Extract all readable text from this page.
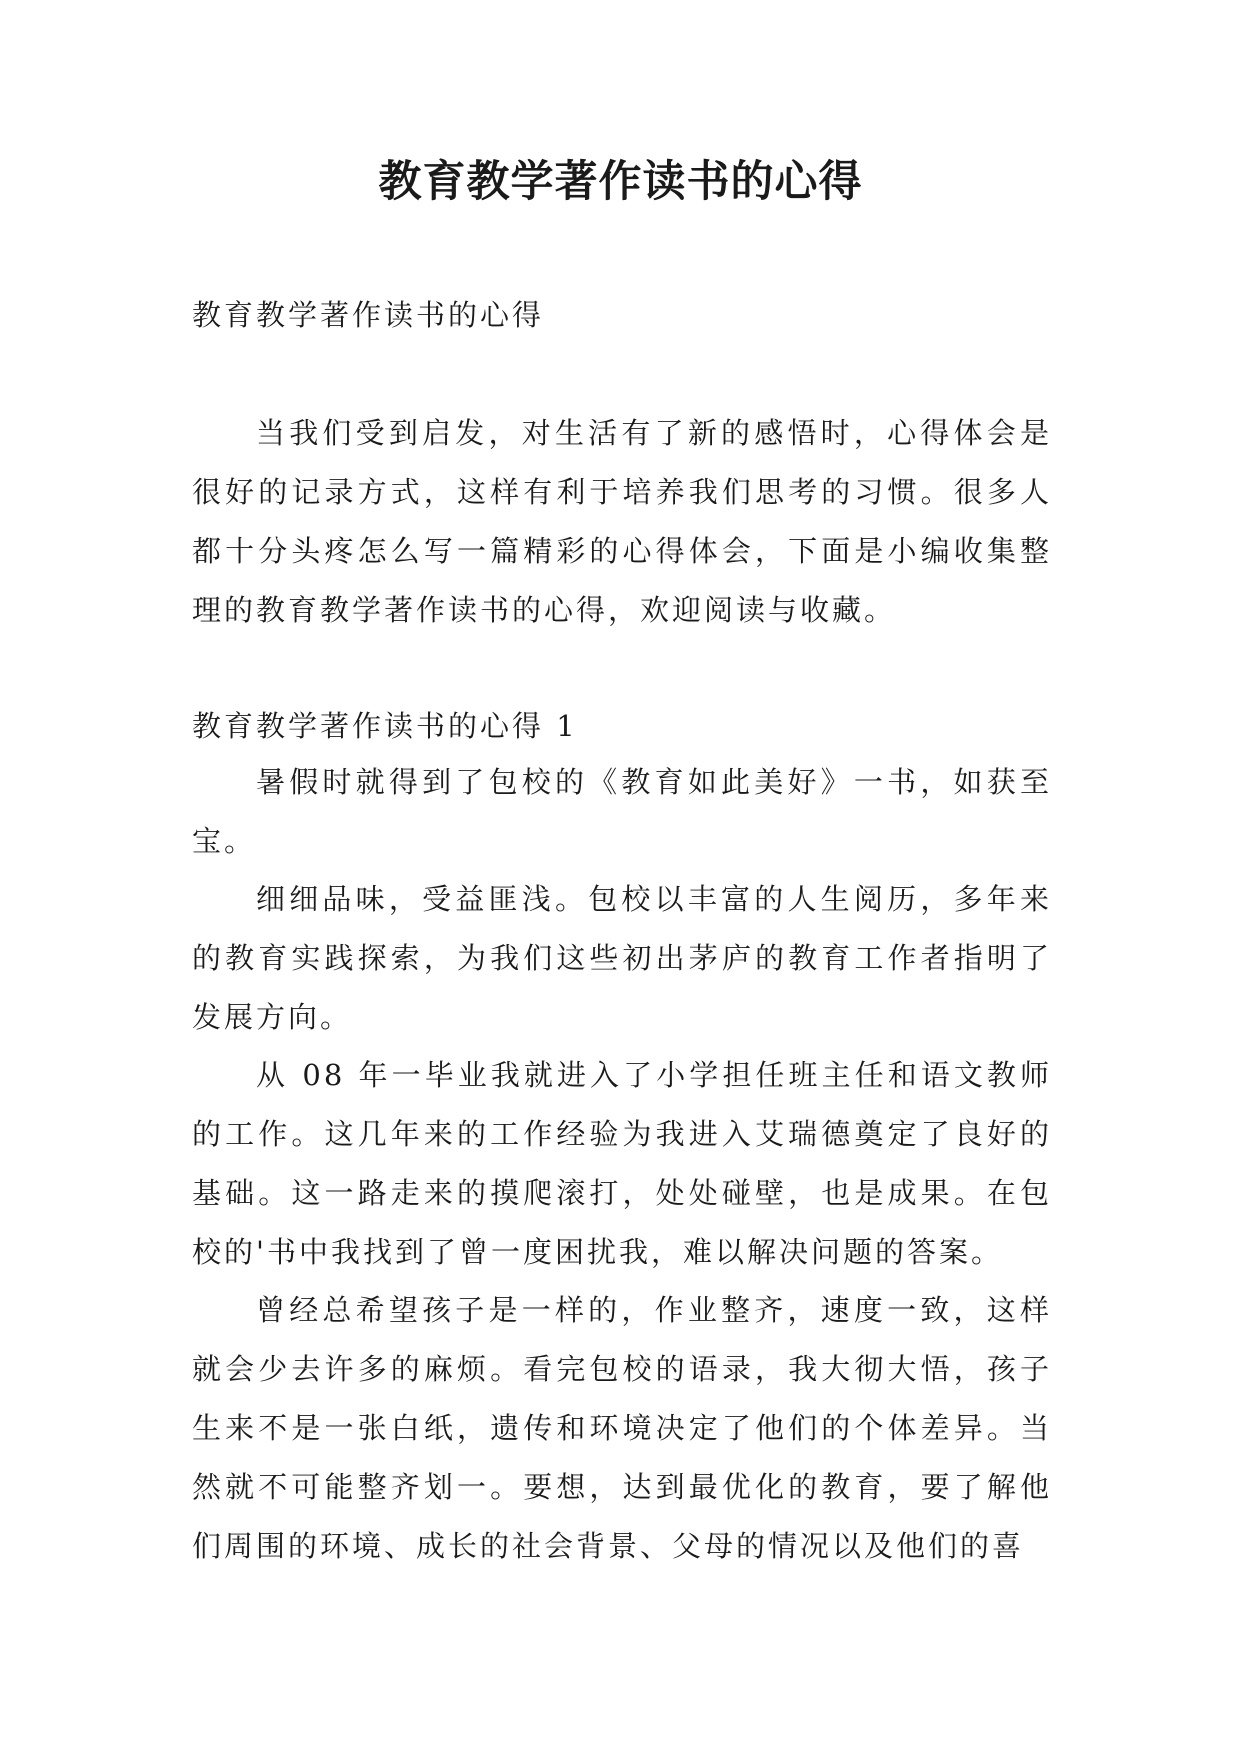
教育教学著作读书的心得

教育教学著作读书的心得

当我们受到启发，对生活有了新的感悟时，心得体会是很好的记录方式，这样有利于培养我们思考的习惯。很多人都十分头疼怎么写一篇精彩的心得体会，下面是小编收集整理的教育教学著作读书的心得，欢迎阅读与收藏。

教育教学著作读书的心得 1

暑假时就得到了包校的《教育如此美好》一书，如获至宝。

细细品味，受益匪浅。包校以丰富的人生阅历，多年来的教育实践探索，为我们这些初出茅庐的教育工作者指明了发展方向。

从 08 年一毕业我就进入了小学担任班主任和语文教师的工作。这几年来的工作经验为我进入艾瑞德奠定了良好的基础。这一路走来的摸爬滚打，处处碰壁，也是成果。在包校的'书中我找到了曾一度困扰我，难以解决问题的答案。

曾经总希望孩子是一样的，作业整齐，速度一致，这样就会少去许多的麻烦。看完包校的语录，我大彻大悟，孩子生来不是一张白纸，遗传和环境决定了他们的个体差异。当然就不可能整齐划一。要想，达到最优化的教育，要了解他们周围的环境、成长的社会背景、父母的情况以及他们的喜
